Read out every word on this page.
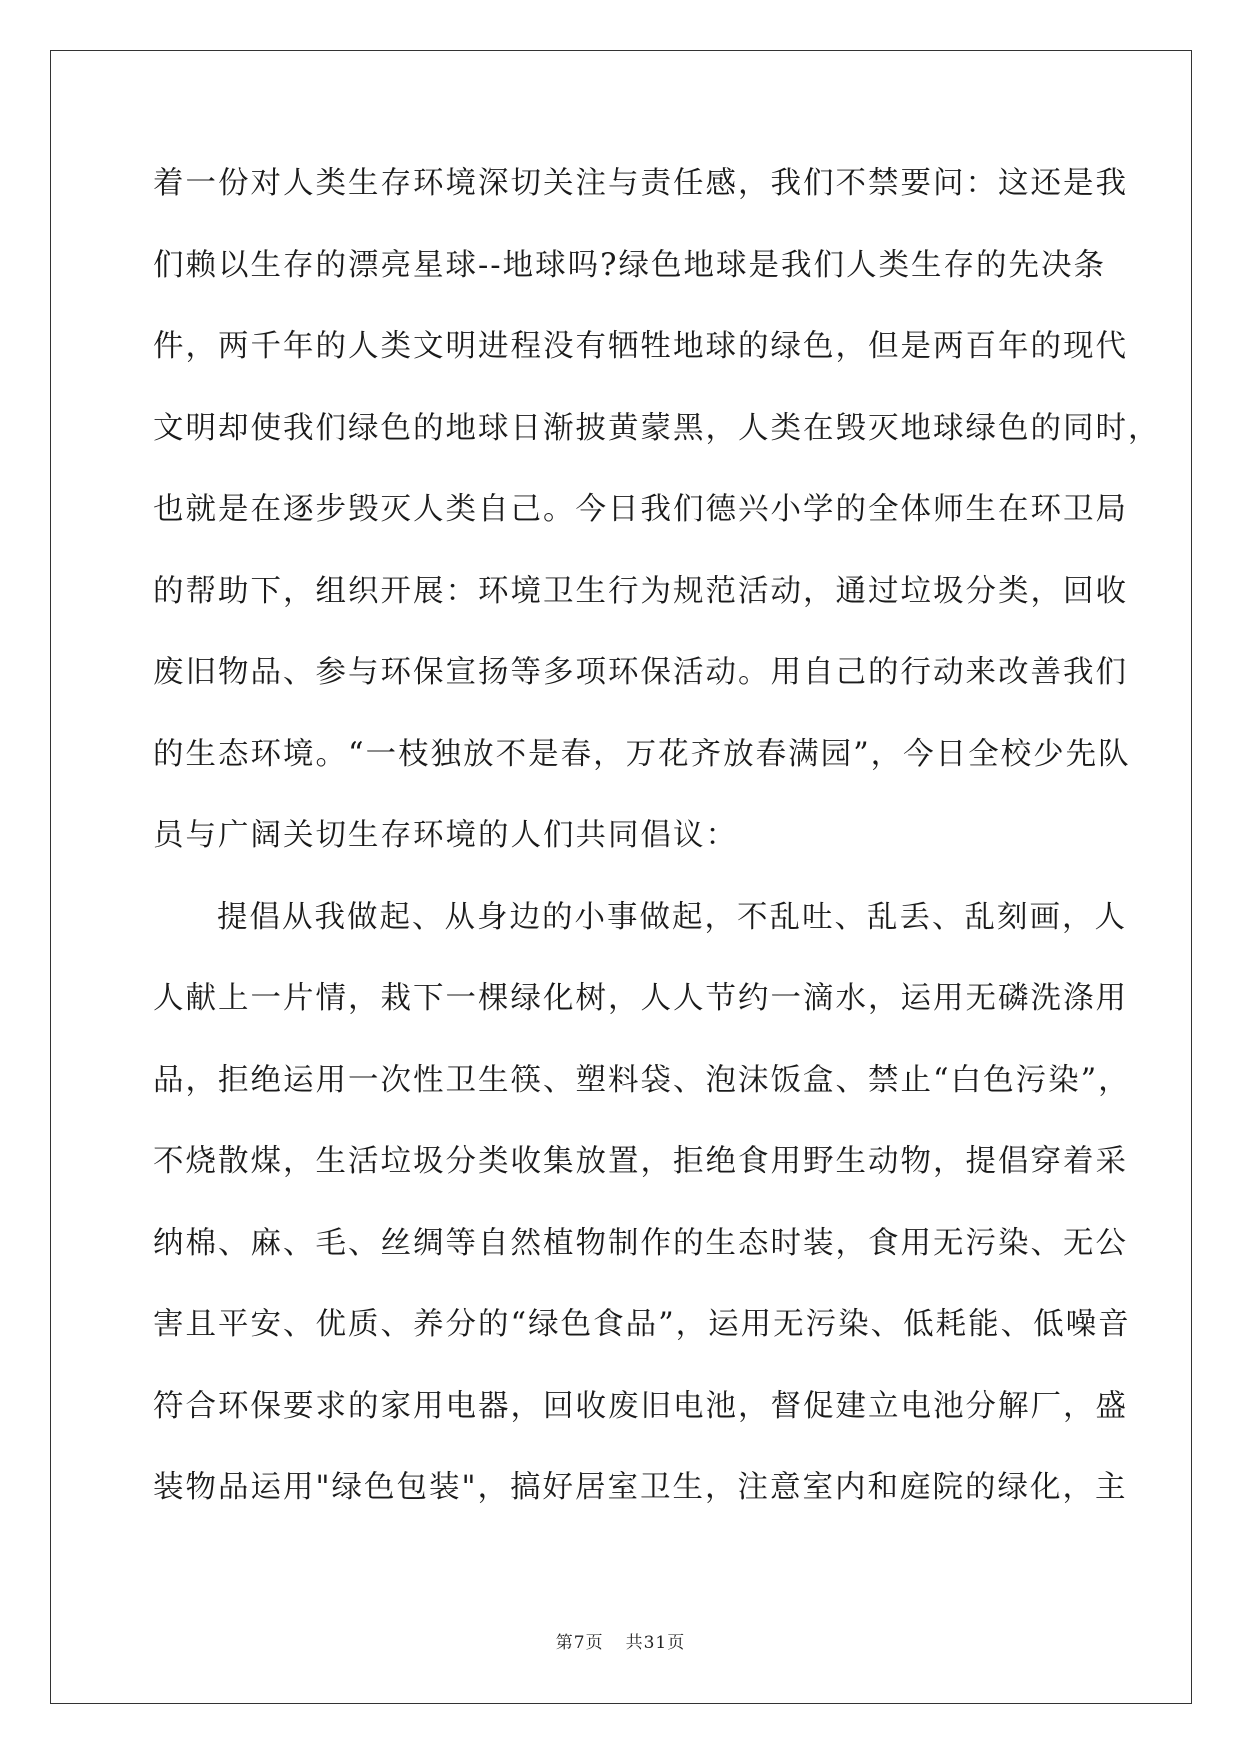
着一份对人类生存环境深切关注与责任感，我们不禁要问：这还是我
们赖以生存的漂亮星球--地球吗?绿色地球是我们人类生存的先决条
件，两千年的人类文明进程没有牺牲地球的绿色，但是两百年的现代
文明却使我们绿色的地球日渐披黄蒙黑，人类在毁灭地球绿色的同时，
也就是在逐步毁灭人类自己。今日我们德兴小学的全体师生在环卫局
的帮助下，组织开展：环境卫生行为规范活动，通过垃圾分类，回收
废旧物品、参与环保宣扬等多项环保活动。用自己的行动来改善我们
的生态环境。“一枝独放不是春，万花齐放春满园”，今日全校少先队
员与广阔关切生存环境的人们共同倡议：
提倡从我做起、从身边的小事做起，不乱吐、乱丢、乱刻画，人
人献上一片情，栽下一棵绿化树，人人节约一滴水，运用无磷洗涤用
品，拒绝运用一次性卫生筷、塑料袋、泡沫饭盒、禁止“白色污染”，
不烧散煤，生活垃圾分类收集放置，拒绝食用野生动物，提倡穿着采
纳棉、麻、毛、丝绸等自然植物制作的生态时装，食用无污染、无公
害且平安、优质、养分的“绿色食品”，运用无污染、低耗能、低噪音
符合环保要求的家用电器，回收废旧电池，督促建立电池分解厂，盛
装物品运用"绿色包装"，搞好居室卫生，注意室内和庭院的绿化，主
第7页 共31页
